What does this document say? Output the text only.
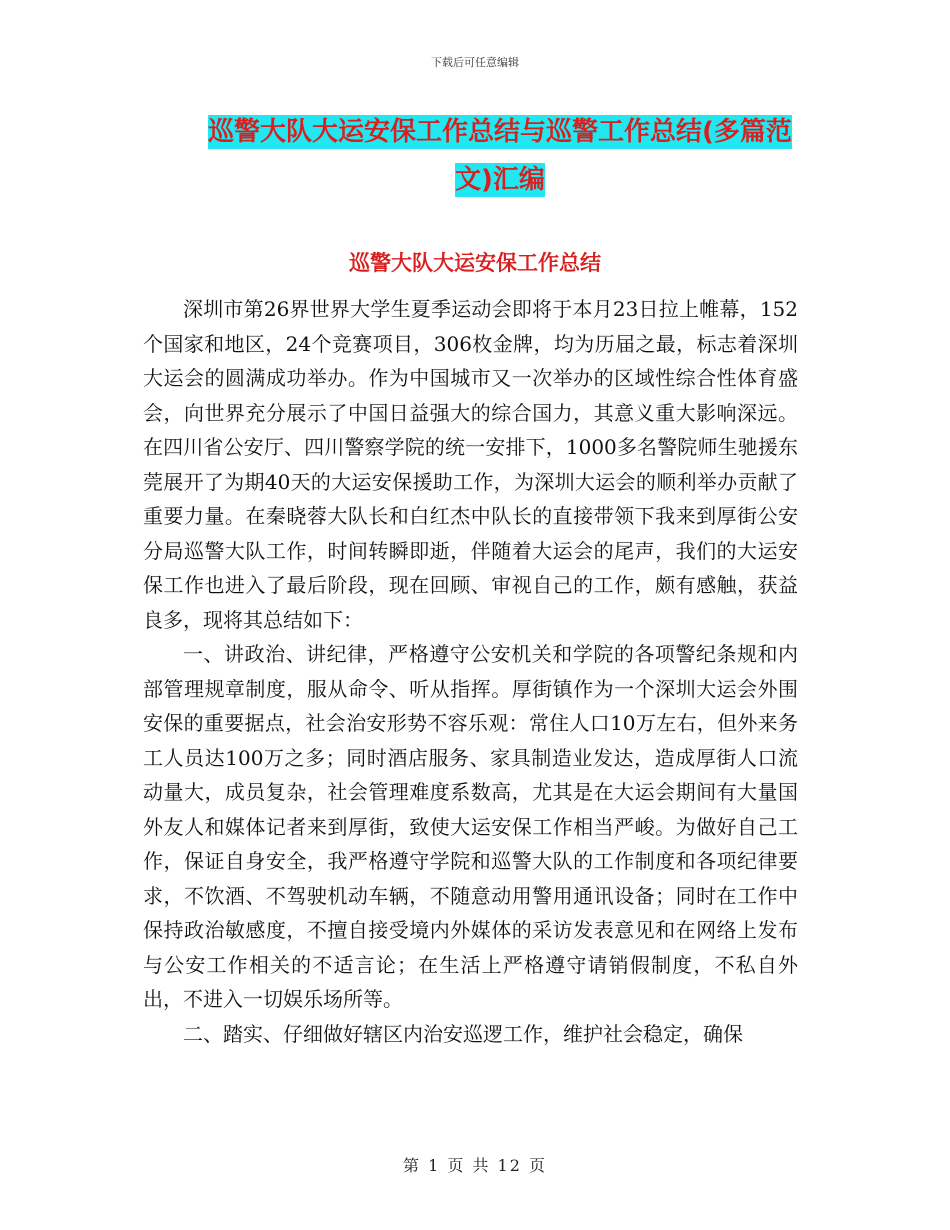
下载后可任意编辑
巡警大队大运安保工作总结与巡警工作总结(多篇范文)汇编
巡警大队大运安保工作总结

深圳市第26界世界大学生夏季运动会即将于本月23日拉上帷幕，152个国家和地区，24个竞赛项目，306枚金牌，均为历届之最，标志着深圳大运会的圆满成功举办。作为中国城市又一次举办的区域性综合性体育盛会，向世界充分展示了中国日益强大的综合国力，其意义重大影响深远。在四川省公安厅、四川警察学院的统一安排下，1000多名警院师生驰援东莞展开了为期40天的大运安保援助工作，为深圳大运会的顺利举办贡献了重要力量。在秦晓蓉大队长和白红杰中队长的直接带领下我来到厚街公安分局巡警大队工作，时间转瞬即逝，伴随着大运会的尾声，我们的大运安保工作也进入了最后阶段，现在回顾、审视自己的工作，颇有感触，获益良多，现将其总结如下：

一、讲政治、讲纪律，严格遵守公安机关和学院的各项警纪条规和内部管理规章制度，服从命令、听从指挥。厚街镇作为一个深圳大运会外围安保的重要据点，社会治安形势不容乐观：常住人口10万左右，但外来务工人员达100万之多；同时酒店服务、家具制造业发达，造成厚街人口流动量大，成员复杂，社会管理难度系数高，尤其是在大运会期间有大量国外友人和媒体记者来到厚街，致使大运安保工作相当严峻。为做好自己工作，保证自身安全，我严格遵守学院和巡警大队的工作制度和各项纪律要求，不饮酒、不驾驶机动车辆，不随意动用警用通讯设备；同时在工作中保持政治敏感度，不擅自接受境内外媒体的采访发表意见和在网络上发布与公安工作相关的不适言论；在生活上严格遵守请销假制度，不私自外出，不进入一切娱乐场所等。

二、踏实、仔细做好辖区内治安巡逻工作，维护社会稳定，确保

第 1 页 共 12 页
